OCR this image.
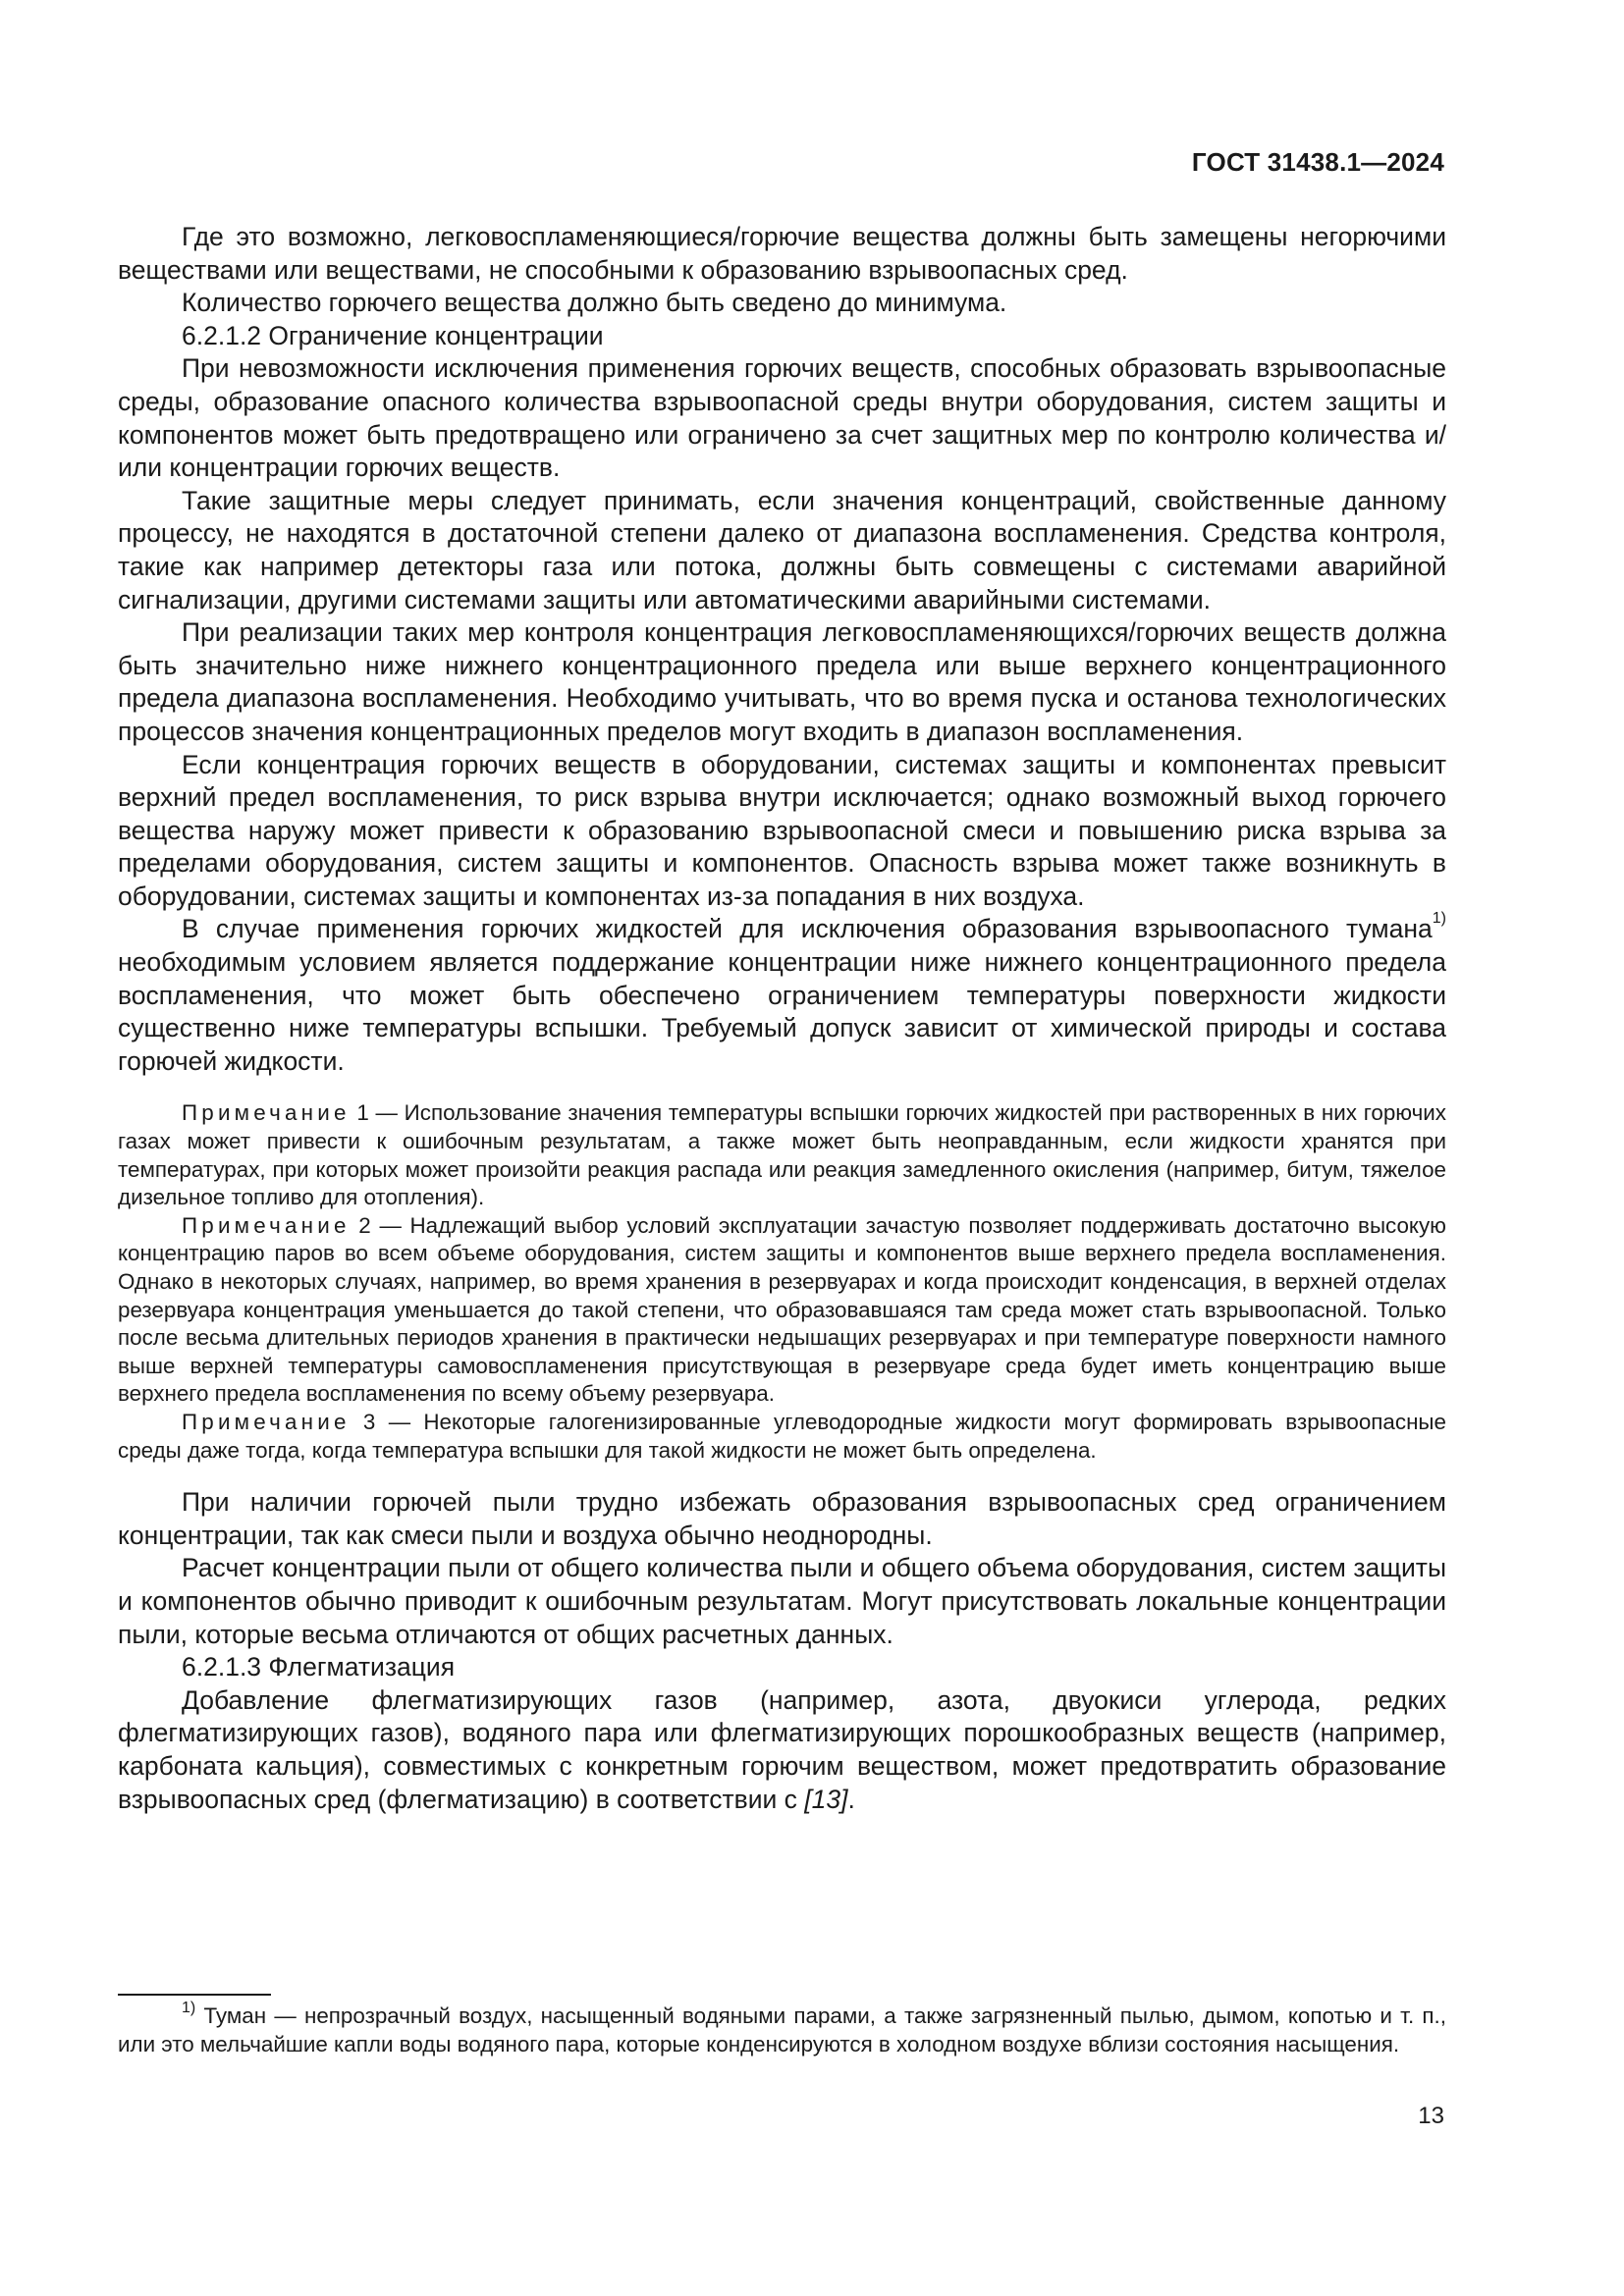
ГОСТ 31438.1—2024

Где это возможно, легковоспламеняющиеся/горючие вещества должны быть замещены негорючими веществами или веществами, не способными к образованию взрывоопасных сред.

Количество горючего вещества должно быть сведено до минимума.

6.2.1.2 Ограничение концентрации

При невозможности исключения применения горючих веществ, способных образовать взрывоопасные среды, образование опасного количества взрывоопасной среды внутри оборудования, систем защиты и компонентов может быть предотвращено или ограничено за счет защитных мер по контролю количества и/или концентрации горючих веществ.

Такие защитные меры следует принимать, если значения концентраций, свойственные данному процессу, не находятся в достаточной степени далеко от диапазона воспламенения. Средства контроля, такие как например детекторы газа или потока, должны быть совмещены с системами аварийной сигнализации, другими системами защиты или автоматическими аварийными системами.

При реализации таких мер контроля концентрация легковоспламеняющихся/горючих веществ должна быть значительно ниже нижнего концентрационного предела или выше верхнего концентрационного предела диапазона воспламенения. Необходимо учитывать, что во время пуска и останова технологических процессов значения концентрационных пределов могут входить в диапазон воспламенения.

Если концентрация горючих веществ в оборудовании, системах защиты и компонентах превысит верхний предел воспламенения, то риск взрыва внутри исключается; однако возможный выход горючего вещества наружу может привести к образованию взрывоопасной смеси и повышению риска взрыва за пределами оборудования, систем защиты и компонентов. Опасность взрыва может также возникнуть в оборудовании, системах защиты и компонентах из-за попадания в них воздуха.

В случае применения горючих жидкостей для исключения образования взрывоопасного тумана$^{1)}$ необходимым условием является поддержание концентрации ниже нижнего концентрационного предела воспламенения, что может быть обеспечено ограничением температуры поверхности жидкости существенно ниже температуры вспышки. Требуемый допуск зависит от химической природы и состава горючей жидкости.

Примечание 1 — Использование значения температуры вспышки горючих жидкостей при растворенных в них горючих газах может привести к ошибочным результатам, а также может быть неоправданным, если жидкости хранятся при температурах, при которых может произойти реакция распада или реакция замедленного окисления (например, битум, тяжелое дизельное топливо для отопления).

Примечание 2 — Надлежащий выбор условий эксплуатации зачастую позволяет поддерживать достаточно высокую концентрацию паров во всем объеме оборудования, систем защиты и компонентов выше верхнего предела воспламенения. Однако в некоторых случаях, например, во время хранения в резервуарах и когда происходит конденсация, в верхней отделах резервуара концентрация уменьшается до такой степени, что образовавшаяся там среда может стать взрывоопасной. Только после весьма длительных периодов хранения в практически недышащих резервуарах и при температуре поверхности намного выше верхней температуры самовоспламенения присутствующая в резервуаре среда будет иметь концентрацию выше верхнего предела воспламенения по всему объему резервуара.

Примечание 3 — Некоторые галогенизированные углеводородные жидкости могут формировать взрывоопасные среды даже тогда, когда температура вспышки для такой жидкости не может быть определена.

При наличии горючей пыли трудно избежать образования взрывоопасных сред ограничением концентрации, так как смеси пыли и воздуха обычно неоднородны.

Расчет концентрации пыли от общего количества пыли и общего объема оборудования, систем защиты и компонентов обычно приводит к ошибочным результатам. Могут присутствовать локальные концентрации пыли, которые весьма отличаются от общих расчетных данных.

6.2.1.3 Флегматизация

Добавление флегматизирующих газов (например, азота, двуокиси углерода, редких флегматизирующих газов), водяного пара или флегматизирующих порошкообразных веществ (например, карбоната кальция), совместимых с конкретным горючим веществом, может предотвратить образование взрывоопасных сред (флегматизацию) в соответствии с [13].

$^{1)}$ Туман — непрозрачный воздух, насыщенный водяными парами, а также загрязненный пылью, дымом, копотью и т. п., или это мельчайшие капли воды водяного пара, которые конденсируются в холодном воздухе вблизи состояния насыщения.

13
